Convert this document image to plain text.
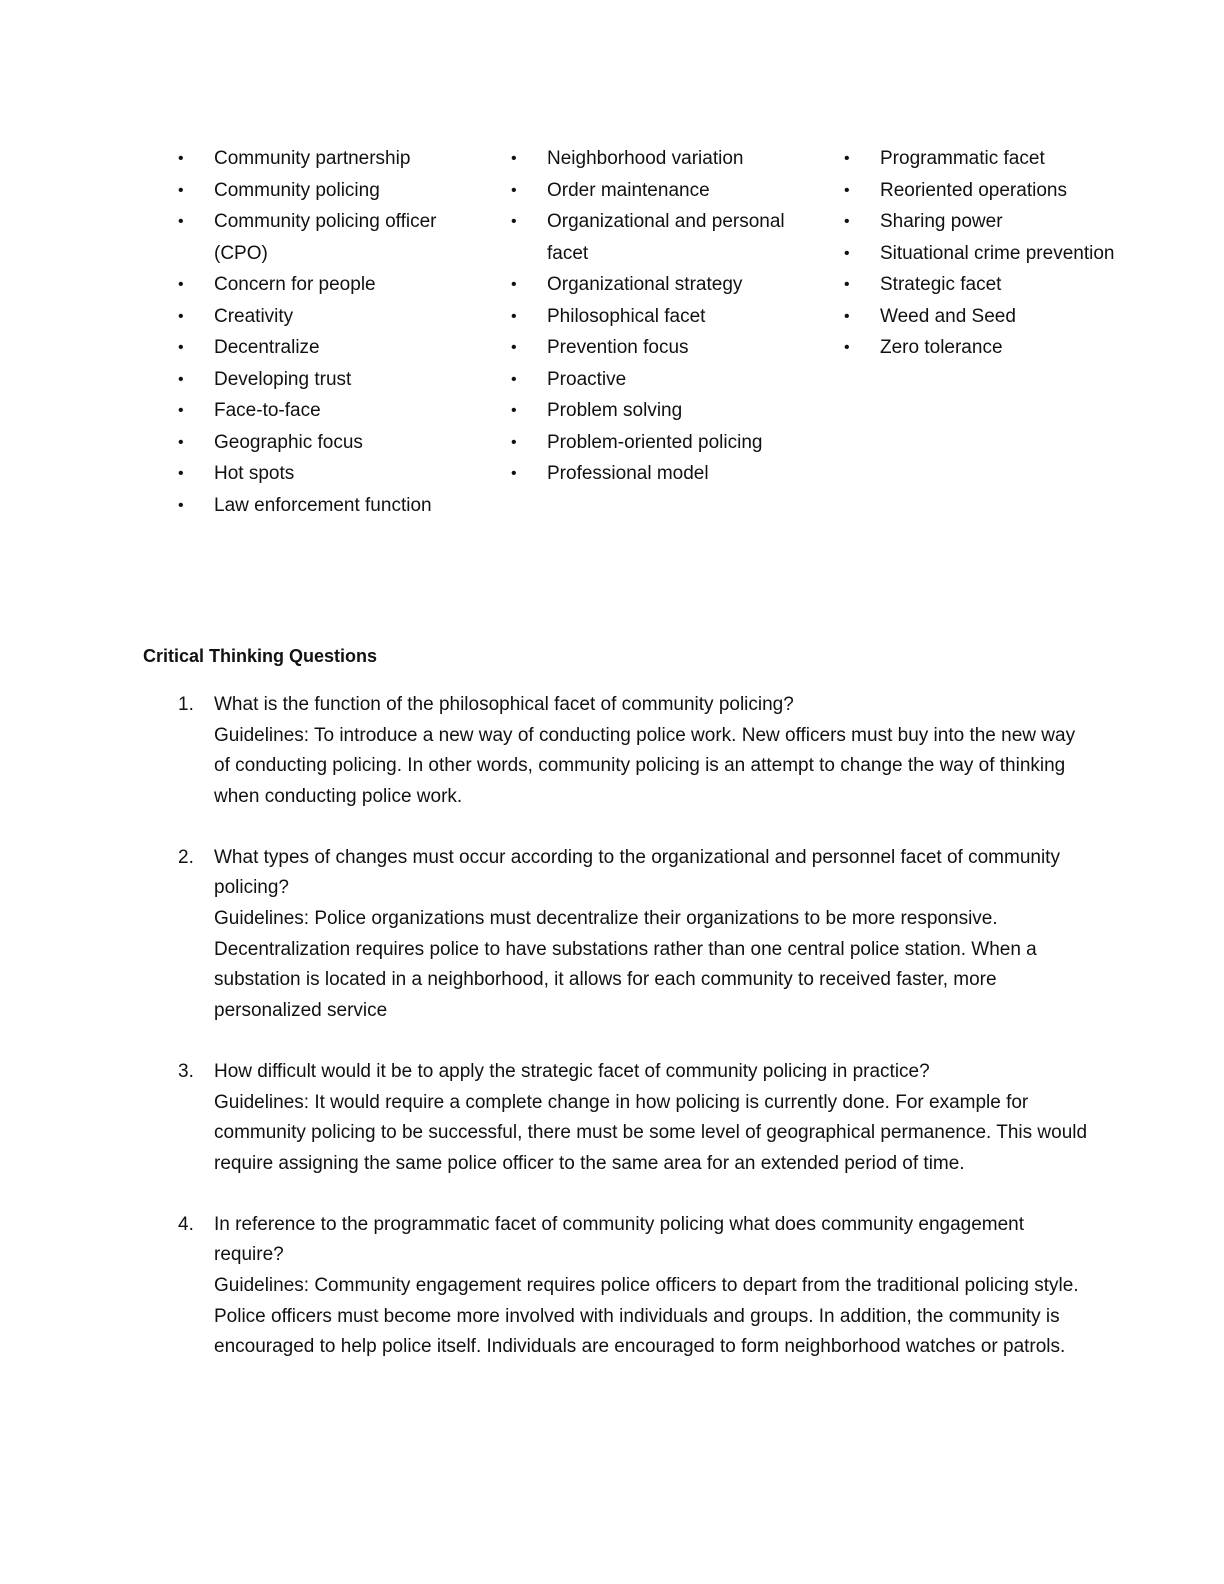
• Community partnership
• Community policing
• Community policing officer (CPO)
• Concern for people
• Creativity
• Decentralize
• Developing trust
• Face-to-face
• Geographic focus
• Hot spots
• Law enforcement function
• Neighborhood variation
• Order maintenance
• Organizational and personal facet
• Organizational strategy
• Philosophical facet
• Prevention focus
• Proactive
• Problem solving
• Problem-oriented policing
• Professional model
• Programmatic facet
• Reoriented operations
• Sharing power
• Situational crime prevention
• Strategic facet
• Weed and Seed
• Zero tolerance
Critical Thinking Questions
1. What is the function of the philosophical facet of community policing?

Guidelines: To introduce a new way of conducting police work. New officers must buy into the new way of conducting policing. In other words, community policing is an attempt to change the way of thinking when conducting police work.

2. What types of changes must occur according to the organizational and personnel facet of community policing?

Guidelines: Police organizations must decentralize their organizations to be more responsive. Decentralization requires police to have substations rather than one central police station. When a substation is located in a neighborhood, it allows for each community to received faster, more personalized service

3. How difficult would it be to apply the strategic facet of community policing in practice?

Guidelines: It would require a complete change in how policing is currently done. For example for community policing to be successful, there must be some level of geographical permanence. This would require assigning the same police officer to the same area for an extended period of time.

4. In reference to the programmatic facet of community policing what does community engagement require?

Guidelines: Community engagement requires police officers to depart from the traditional policing style. Police officers must become more involved with individuals and groups. In addition, the community is encouraged to help police itself. Individuals are encouraged to form neighborhood watches or patrols.
